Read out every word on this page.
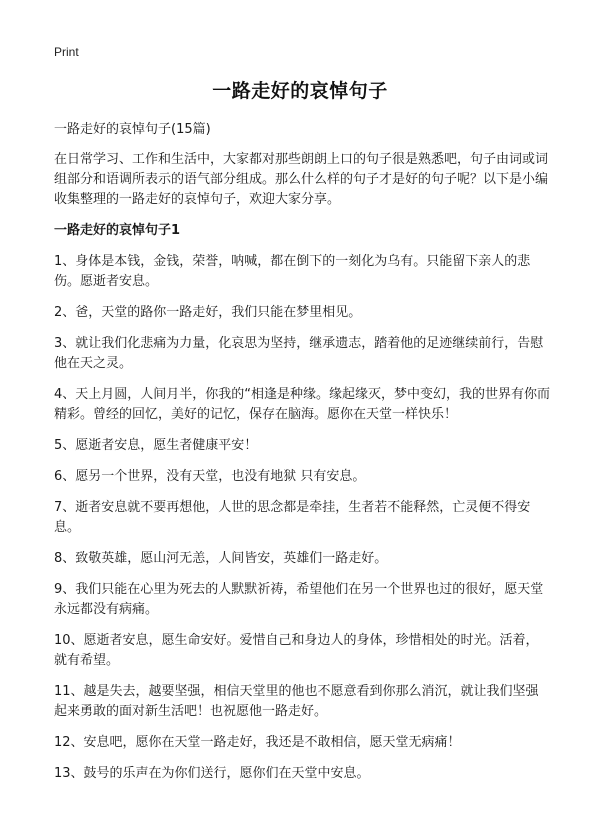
Print
一路走好的哀悼句子

一路走好的哀悼句子(15篇)

在日常学习、工作和生活中，大家都对那些朗朗上口的句子很是熟悉吧，句子由词或词组部分和语调所表示的语气部分组成。那么什么样的句子才是好的句子呢？以下是小编收集整理的一路走好的哀悼句子，欢迎大家分享。

一路走好的哀悼句子1

1、身体是本钱，金钱，荣誉，呐喊，都在倒下的一刻化为乌有。只能留下亲人的悲伤。愿逝者安息。

2、爸，天堂的路你一路走好，我们只能在梦里相见。

3、就让我们化悲痛为力量，化哀思为坚持，继承遗志，踏着他的足迹继续前行，告慰他在天之灵。

4、天上月圆，人间月半，你我的“相逢是种缘。缘起缘灭，梦中变幻，我的世界有你而精彩。曾经的回忆，美好的记忆，保存在脑海。愿你在天堂一样快乐！

5、愿逝者安息，愿生者健康平安！

6、愿另一个世界，没有天堂，也没有地狱 只有安息。

7、逝者安息就不要再想他，人世的思念都是牵挂，生者若不能释然，亡灵便不得安息。

8、致敬英雄，愿山河无恙，人间皆安，英雄们一路走好。

9、我们只能在心里为死去的人默默祈祷，希望他们在另一个世界也过的很好，愿天堂永远都没有病痛。

10、愿逝者安息，愿生命安好。爱惜自己和身边人的身体，珍惜相处的时光。活着，就有希望。

11、越是失去，越要坚强，相信天堂里的他也不愿意看到你那么消沉，就让我们坚强起来勇敢的面对新生活吧！也祝愿他一路走好。

12、安息吧，愿你在天堂一路走好，我还是不敢相信，愿天堂无病痛！

13、鼓号的乐声在为你们送行，愿你们在天堂中安息。
